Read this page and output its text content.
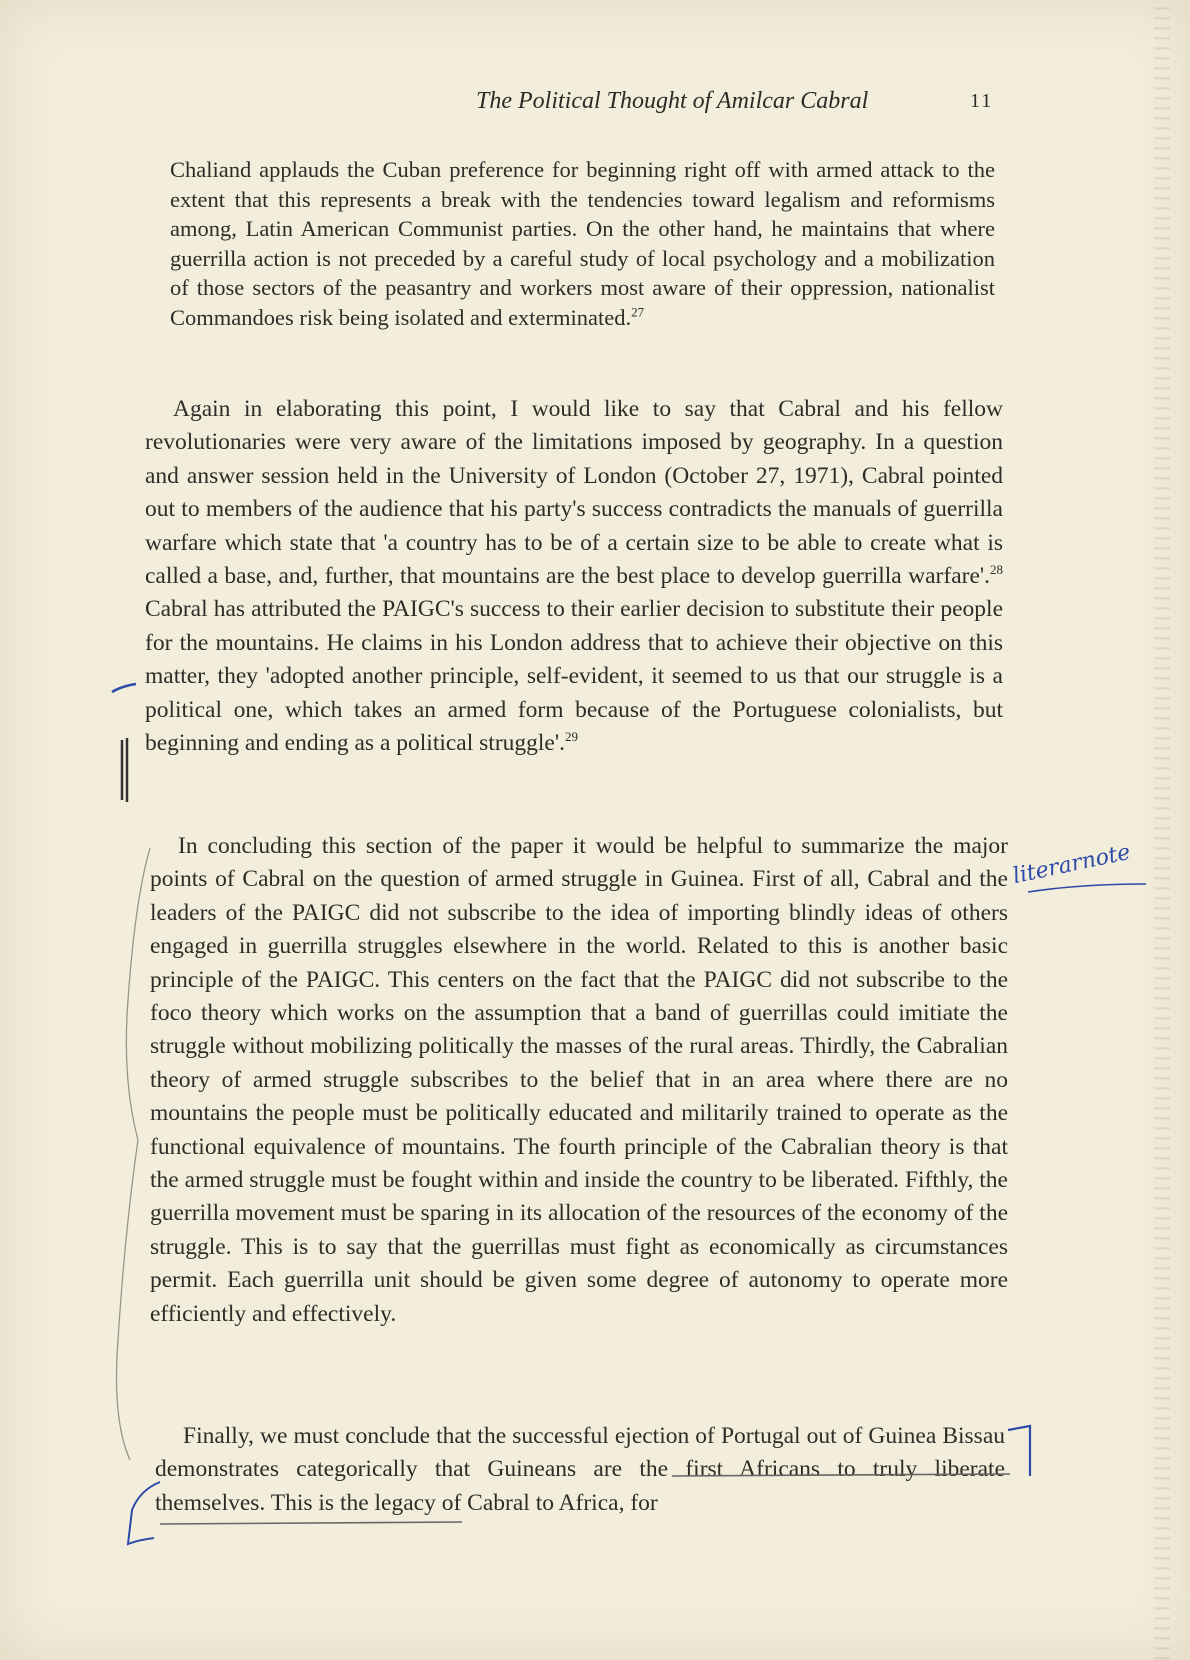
The Political Thought of Amilcar Cabral	11
Chaliand applauds the Cuban preference for beginning right off with armed attack to the extent that this represents a break with the tendencies toward legalism and reformisms among, Latin American Communist parties. On the other hand, he maintains that where guerrilla action is not preceded by a careful study of local psychology and a mobilization of those sectors of the peasantry and workers most aware of their oppression, nationalist Commandoes risk being isolated and exterminated.$^{27}$
Again in elaborating this point, I would like to say that Cabral and his fellow revolutionaries were very aware of the limitations imposed by geography. In a question and answer session held in the University of London (October 27, 1971), Cabral pointed out to members of the audience that his party's success contradicts the manuals of guerrilla warfare which state that 'a country has to be of a certain size to be able to create what is called a base, and, further, that mountains are the best place to develop guerrilla warfare'.$^{28}$ Cabral has attributed the PAIGC's success to their earlier decision to substitute their people for the mountains. He claims in his London address that to achieve their objective on this matter, they 'adopted another principle, self-evident, it seemed to us that our struggle is a political one, which takes an armed form because of the Portuguese colonialists, but beginning and ending as a political struggle'.$^{29}$
In concluding this section of the paper it would be helpful to summarize the major points of Cabral on the question of armed struggle in Guinea. First of all, Cabral and the leaders of the PAIGC did not subscribe to the idea of importing blindly ideas of others engaged in guerrilla struggles elsewhere in the world. Related to this is another basic principle of the PAIGC. This centers on the fact that the PAIGC did not subscribe to the foco theory which works on the assumption that a band of guerrillas could imitiate the struggle without mobilizing politically the masses of the rural areas. Thirdly, the Cabralian theory of armed struggle subscribes to the belief that in an area where there are no mountains the people must be politically educated and militarily trained to operate as the functional equivalence of mountains. The fourth principle of the Cabralian theory is that the armed struggle must be fought within and inside the country to be liberated. Fifthly, the guerrilla movement must be sparing in its allocation of the resources of the economy of the struggle. This is to say that the guerrillas must fight as economically as circumstances permit. Each guerrilla unit should be given some degree of autonomy to operate more efficiently and effectively.
Finally, we must conclude that the successful ejection of Portugal out of Guinea Bissau demonstrates categorically that Guineans are the first Africans to truly liberate themselves. This is the legacy of Cabral to Africa, for
literarnote
